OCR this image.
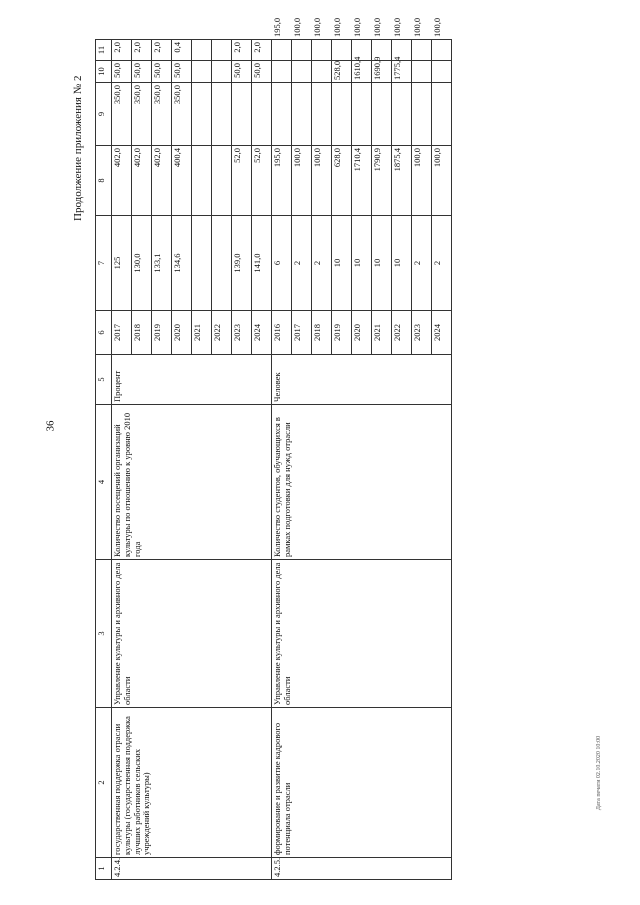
36
Продолжение приложения № 2
Дата печати 02.10.2020 10:00
1	2	3	4	5	6	7	8	9	10	11	
4.2.4.	государственная поддержка отрасли культуры (государственная поддержка лучших работников сельских учреждений культуры)	Управление культуры и архивного дела области	Количество посещений организаций культуры по отношению к уровню 2010 года	Процент	2017	125	402,0	350,0	50,0	2,0	
					2018	130,0	402,0	350,0	50,0	2,0	
					2019	133,1	402,0	350,0	50,0	2,0	
					2020	134,6	400,4	350,0	50,0	0,4	
					2021						
					2022						
					2023	139,0	52,0		50,0	2,0	
					2024	141,0	52,0		50,0	2,0	
4.2.5.	формирование и развитие кадрового потенциала отрасли	Управление культуры и архивного дела области	Количество студентов, обучающихся в рамках подготовки для нужд отрасли	Человек	2016	6	195,0				195,0
					2017	2	100,0				100,0
					2018	2	100,0				100,0
					2019	10	628,0		528,0		100,0
					2020	10	1710,4		1610,4		100,0
					2021	10	1790,9		1690,9		100,0
					2022	10	1875,4		1775,4		100,0
					2023	2	100,0				100,0
					2024	2	100,0				100,0
